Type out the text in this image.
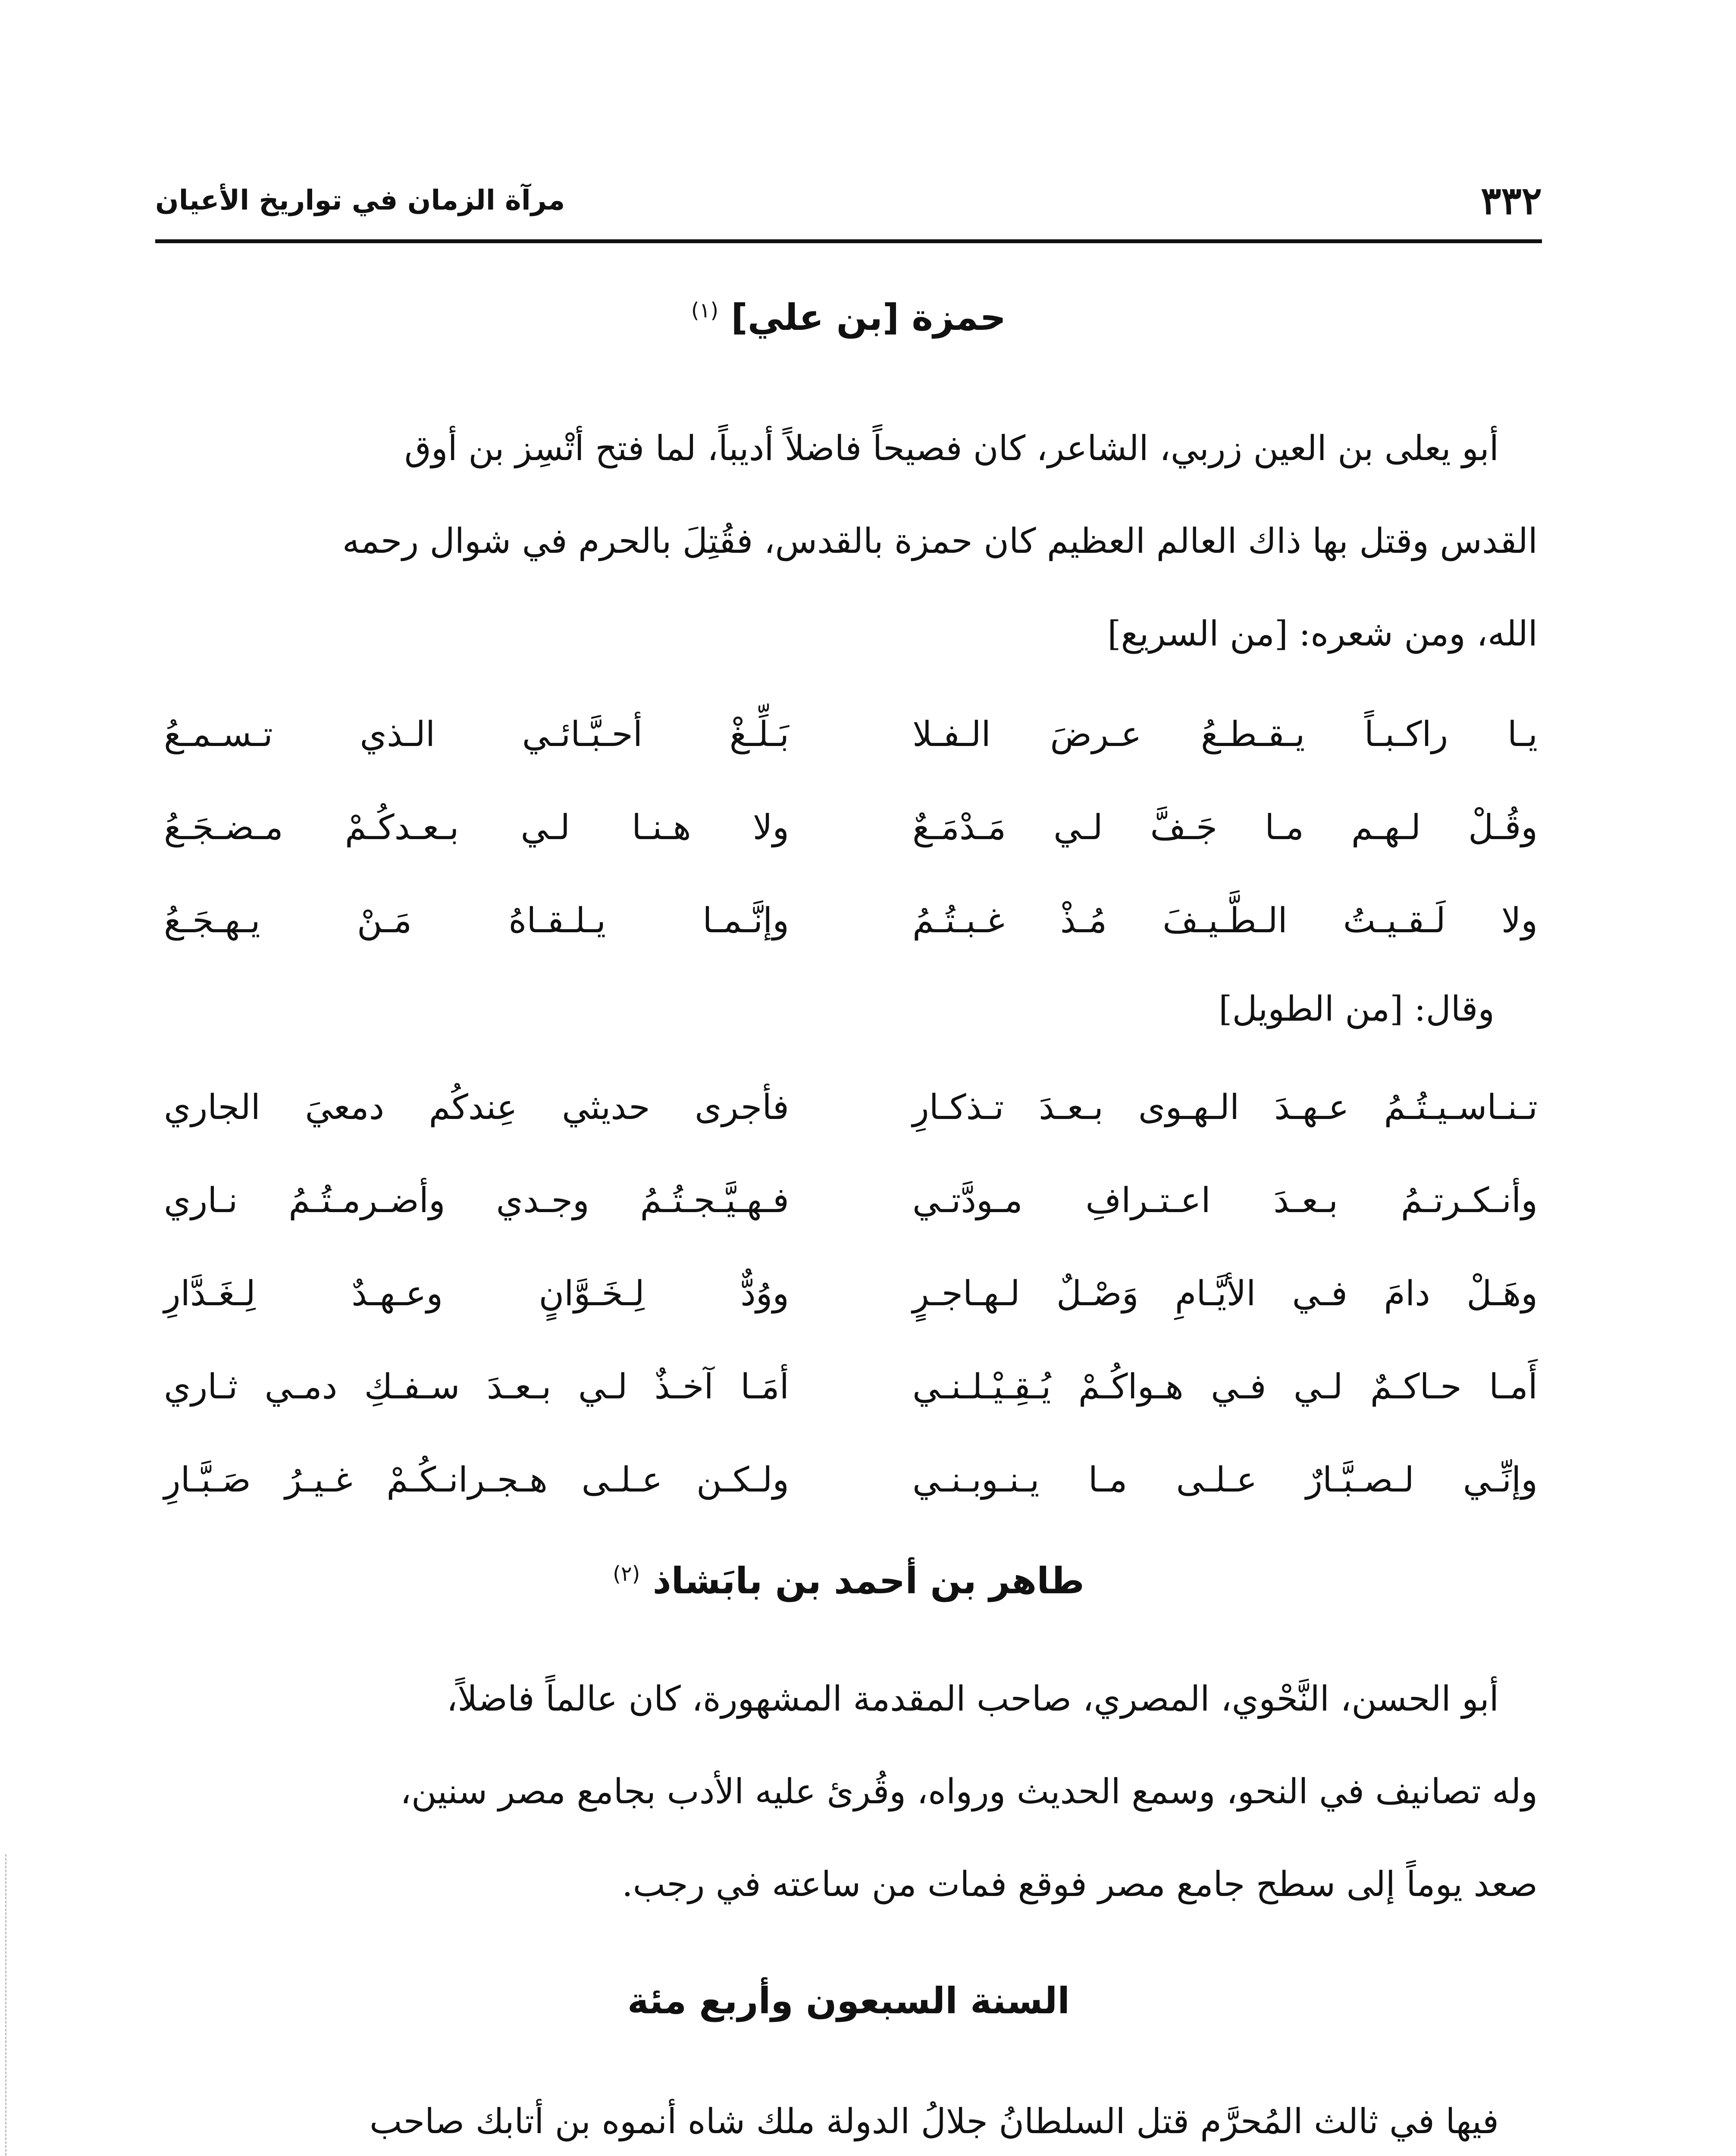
٣٣٢
مرآة الزمان في تواريخ الأعيان
حمزة [بن علي] $^{(١)}$

أبو يعلى بن العين زربي، الشاعر، كان فصيحاً فاضلاً أديباً، لما فتح أتْسِز بن أوق

القدس وقتل بها ذاك العالم العظيم كان حمزة بالقدس، فقُتِلَ بالحرم في شوال رحمه

الله، ومن شعره: [من السريع]

يـا راكـبـاً يـقـطـعُ عـرضَ الـفـلا
بَـلِّـغْ أحـبَّـائـي الـذي تـسـمـعُ
وقُـلْ لـهـم مـا جَـفَّ لـي مَـدْمَـعٌ
ولا هـنـا لـي بـعـدكُـمْ مـضـجَـعُ
ولا لَـقـيـتُ الـطَّـيـفَ مُـذْ غـبـتُـمُ
وإنَّـمـا يـلـقـاهُ مَـنْ يـهـجَـعُ
وقال: [من الطويل]
تـنـاسـيـتُـمُ عـهـدَ الـهـوى بـعـدَ تـذكـارِ
فأجرى حديثي عِندكُم دمعيَ الجاري
وأنـكـرتـمُ بـعـدَ اعـتـرافِ مـودَّتـي
فـهـيَّـجـتُـمُ وجـدي وأضـرمـتُـمُ نـاري
وهَـلْ دامَ فـي الأيَّـامِ وَصْـلٌ لـهـاجـرٍ
ووُدٌّ لِـخَـوَّانٍ وعـهـدٌ لِـغَـدَّارِ
أَمـا حـاكـمٌ لـي فـي هـواكُـمْ يُـقِـيْـلـنـي
أمَـا آخـذٌ لـي بـعـدَ سـفـكِ دمـي ثـاري
وإنِّـي لـصـبَّـارٌ عـلـى مـا يـنـوبـنـي
ولـكـن عـلـى هـجـرانـكُـمْ غـيـرُ صَـبَّـارِ
طاهر بن أحمد بن بابَشاذ $^{(٢)}$

أبو الحسن، النَّحْوي، المصري، صاحب المقدمة المشهورة، كان عالماً فاضلاً،

وله تصانيف في النحو، وسمع الحديث ورواه، وقُرئ عليه الأدب بجامع مصر سنين،

صعد يوماً إلى سطح جامع مصر فوقع فمات من ساعته في رجب.

السنة السبعون وأربع مئة

فيها في ثالث المُحرَّم قتل السلطانُ جلالُ الدولة ملك شاه أنموه بن أتابك صاحب
